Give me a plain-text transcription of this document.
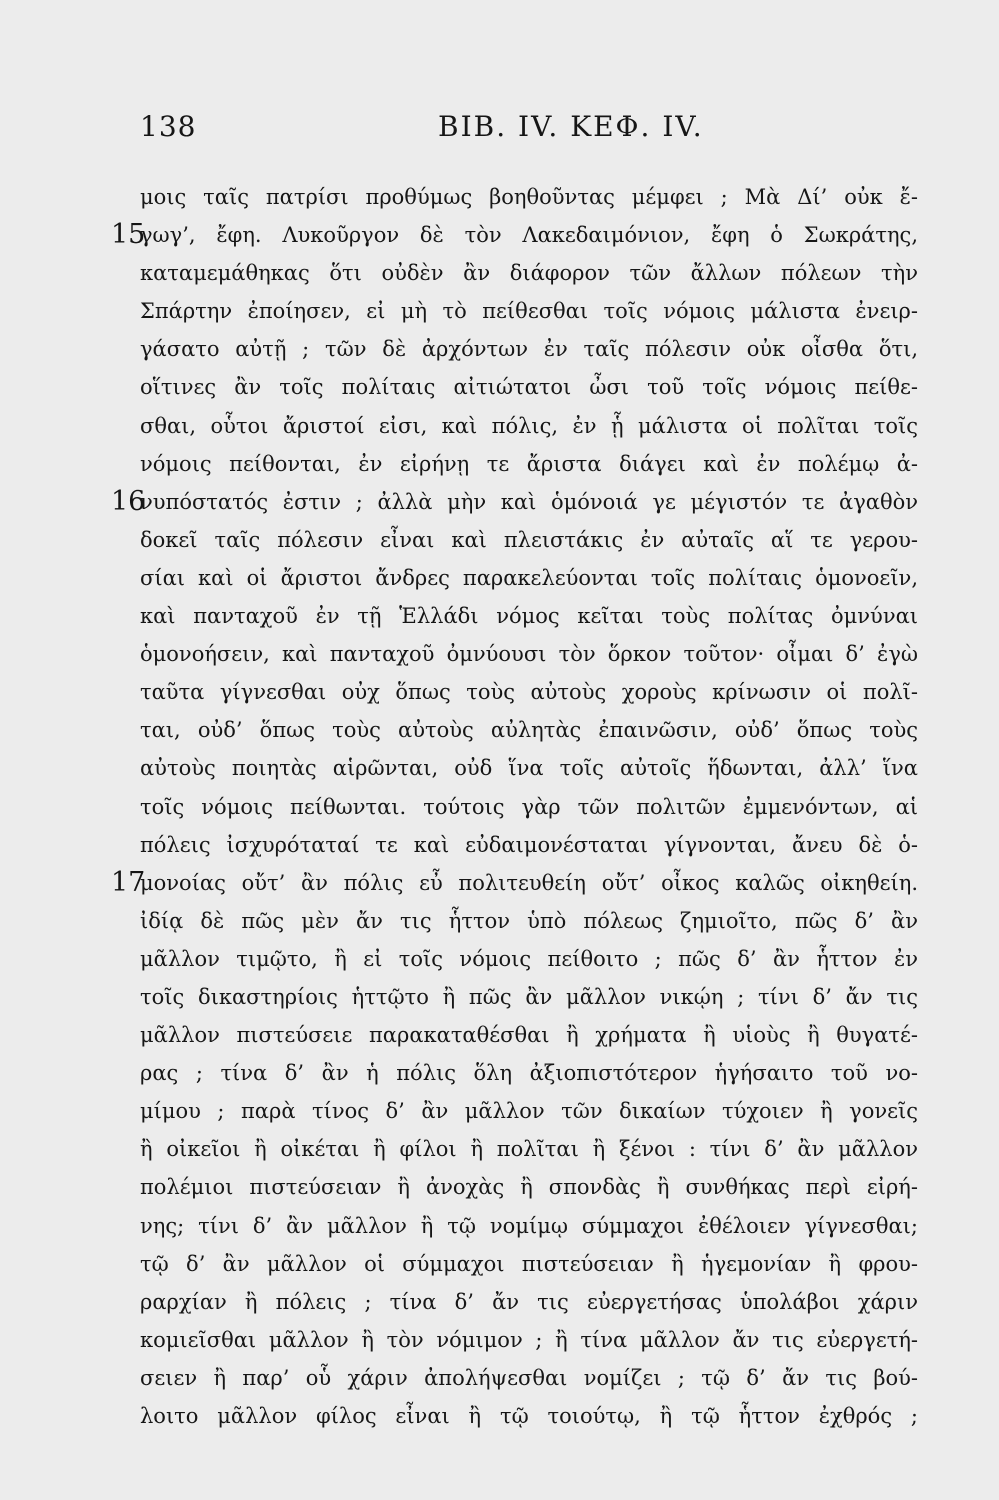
138	BIB. IV. ΚΕΦ. IV.
μοις ταῖς πατρίσι προθύμως βοηθοῦντας μέμφει ; Μὰ Δί’ οὐκ ἔ-
15
γωγ’, ἔφη. Λυκοῦργον δὲ τὸν Λακεδαιμόνιον, ἔφη ὁ Σωκράτης,
καταμεμάθηκας ὅτι οὐδὲν ἂν διάφορον τῶν ἄλλων πόλεων τὴν
Σπάρτην ἐποίησεν, εἰ μὴ τὸ πείθεσθαι τοῖς νόμοις μάλιστα ἐνειρ-
γάσατο αὐτῇ ; τῶν δὲ ἀρχόντων ἐν ταῖς πόλεσιν οὐκ οἶσθα ὅτι,
οἵτινες ἂν τοῖς πολίταις αἰτιώτατοι ὦσι τοῦ τοῖς νόμοις πείθε-
σθαι, οὗτοι ἄριστοί εἰσι, καὶ πόλις, ἐν ᾗ μάλιστα οἱ πολῖται τοῖς
νόμοις πείθονται, ἐν εἰρήνῃ τε ἄριστα διάγει καὶ ἐν πολέμῳ ἀ-
16
νυπόστατός ἐστιν ; ἀλλὰ μὴν καὶ ὁμόνοιά γε μέγιστόν τε ἀγαθὸν
δοκεῖ ταῖς πόλεσιν εἶναι καὶ πλειστάκις ἐν αὐταῖς αἵ τε γερου-
σίαι καὶ οἱ ἄριστοι ἄνδρες παρακελεύονται τοῖς πολίταις ὁμονοεῖν,
καὶ πανταχοῦ ἐν τῇ Ἑλλάδι νόμος κεῖται τοὺς πολίτας ὀμνύναι
ὁμονοήσειν, καὶ πανταχοῦ ὀμνύουσι τὸν ὅρκον τοῦτον· οἶμαι δ’ ἐγὼ
ταῦτα γίγνεσθαι οὐχ ὅπως τοὺς αὐτοὺς χοροὺς κρίνωσιν οἱ πολῖ-
ται, οὐδ’ ὅπως τοὺς αὐτοὺς αὐλητὰς ἐπαινῶσιν, οὐδ’ ὅπως τοὺς
αὐτοὺς ποιητὰς αἱρῶνται, οὐδ ἵνα τοῖς αὐτοῖς ἥδωνται, ἀλλ’ ἵνα
τοῖς νόμοις πείθωνται. τούτοις γὰρ τῶν πολιτῶν ἐμμενόντων, αἱ
πόλεις ἰσχυρόταταί τε καὶ εὐδαιμονέσταται γίγνονται, ἄνευ δὲ ὁ-
17
μονοίας οὔτ’ ἂν πόλις εὖ πολιτευθείη οὔτ’ οἶκος καλῶς οἰκηθείη.
ἰδίᾳ δὲ πῶς μὲν ἄν τις ἧττον ὑπὸ πόλεως ζημιοῖτο, πῶς δ’ ἂν
μᾶλλον τιμῷτο, ἢ εἰ τοῖς νόμοις πείθοιτο ; πῶς δ’ ἂν ἧττον ἐν
τοῖς δικαστηρίοις ἡττῷτο ἢ πῶς ἂν μᾶλλον νικῴη ; τίνι δ’ ἄν τις
μᾶλλον πιστεύσειε παρακαταθέσθαι ἢ χρήματα ἢ υἱοὺς ἢ θυγατέ-
ρας ; τίνα δ’ ἂν ἡ πόλις ὅλη ἀξιοπιστότερον ἡγήσαιτο τοῦ νο-
μίμου ; παρὰ τίνος δ’ ἂν μᾶλλον τῶν δικαίων τύχοιεν ἢ γονεῖς
ἢ οἰκεῖοι ἢ οἰκέται ἢ φίλοι ἢ πολῖται ἢ ξένοι : τίνι δ’ ἂν μᾶλλον
πολέμιοι πιστεύσειαν ἢ ἀνοχὰς ἢ σπονδὰς ἢ συνθήκας περὶ εἰρή-
νης; τίνι δ’ ἂν μᾶλλον ἢ τῷ νομίμῳ σύμμαχοι ἐθέλοιεν γίγνεσθαι;
τῷ δ’ ἂν μᾶλλον οἱ σύμμαχοι πιστεύσειαν ἢ ἡγεμονίαν ἢ φρου-
ραρχίαν ἢ πόλεις ; τίνα δ’ ἄν τις εὐεργετήσας ὑπολάβοι χάριν
κομιεῖσθαι μᾶλλον ἢ τὸν νόμιμον ; ἢ τίνα μᾶλλον ἄν τις εὐεργετή-
σειεν ἢ παρ’ οὗ χάριν ἀπολήψεσθαι νομίζει ; τῷ δ’ ἄν τις βού-
λοιτο μᾶλλον φίλος εἶναι ἢ τῷ τοιούτῳ, ἢ τῷ ἧττον ἐχθρός ;
